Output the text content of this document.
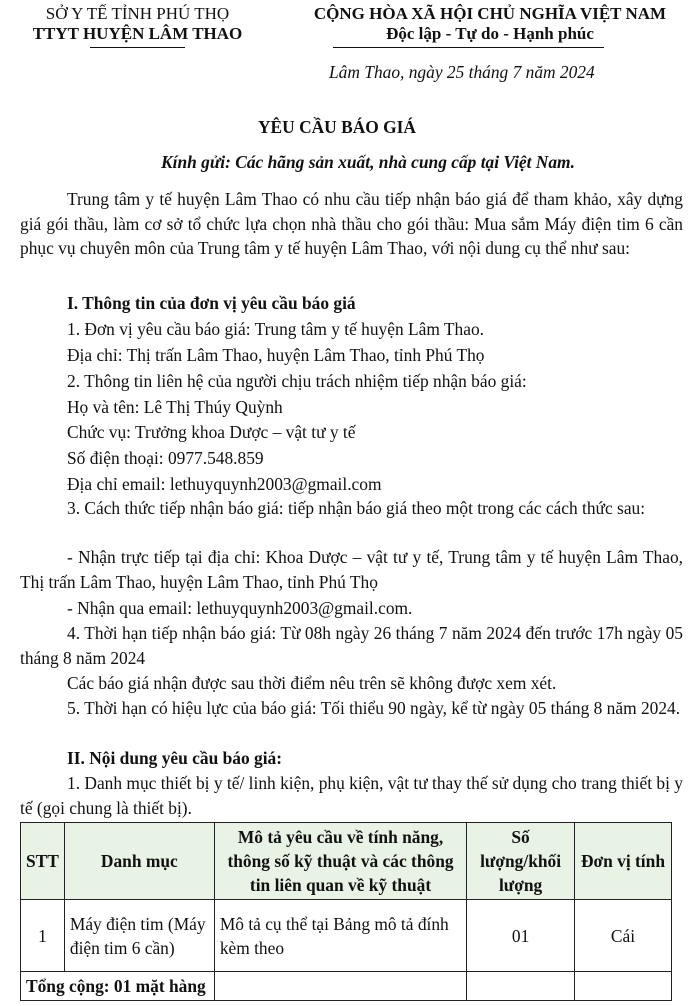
SỞ Y TẾ TỈNH PHÚ THỌ
TTYT HUYỆN LÂM THAO
CỘNG HÒA XÃ HỘI CHỦ NGHĨA VIỆT NAM
Độc lập - Tự do - Hạnh phúc
Lâm Thao, ngày 25 tháng 7 năm 2024
YÊU CẦU BÁO GIÁ
Kính gửi: Các hãng sản xuất, nhà cung cấp tại Việt Nam.
Trung tâm y tế huyện Lâm Thao có nhu cầu tiếp nhận báo giá để tham khảo, xây dựng giá gói thầu, làm cơ sở tổ chức lựa chọn nhà thầu cho gói thầu: Mua sắm Máy điện tim 6 cần phục vụ chuyên môn của Trung tâm y tế huyện Lâm Thao, với nội dung cụ thể như sau:
I. Thông tin của đơn vị yêu cầu báo giá
1. Đơn vị yêu cầu báo giá: Trung tâm y tế huyện Lâm Thao.
Địa chỉ: Thị trấn Lâm Thao, huyện Lâm Thao, tỉnh Phú Thọ
2. Thông tin liên hệ của người chịu trách nhiệm tiếp nhận báo giá:
Họ và tên: Lê Thị Thúy Quỳnh
Chức vụ: Trưởng khoa Dược – vật tư y tế
Số điện thoại: 0977.548.859
Địa chỉ email: lethuyquynh2003@gmail.com
3. Cách thức tiếp nhận báo giá: tiếp nhận báo giá theo một trong các cách thức sau:
- Nhận trực tiếp tại địa chỉ: Khoa Dược – vật tư y tế, Trung tâm y tế huyện Lâm Thao, Thị trấn Lâm Thao, huyện Lâm Thao, tỉnh Phú Thọ
- Nhận qua email: lethuyquynh2003@gmail.com.
4. Thời hạn tiếp nhận báo giá: Từ 08h ngày 26 tháng 7 năm 2024 đến trước 17h ngày 05 tháng 8 năm 2024
Các báo giá nhận được sau thời điểm nêu trên sẽ không được xem xét.
5. Thời hạn có hiệu lực của báo giá: Tối thiểu 90 ngày, kể từ ngày 05 tháng 8 năm 2024.
II. Nội dung yêu cầu báo giá:
1. Danh mục thiết bị y tế/ linh kiện, phụ kiện, vật tư thay thế sử dụng cho trang thiết bị y tế (gọi chung là thiết bị).
STT	Danh mục	Mô tả yêu cầu về tính năng, thông số kỹ thuật và các thông tin liên quan về kỹ thuật	Số lượng/khối lượng	Đơn vị tính
1	Máy điện tim (Máy điện tim 6 cần)	Mô tả cụ thể tại Bảng mô tả đính kèm theo	01	Cái
Tổng cộng: 01 mặt hàng				
